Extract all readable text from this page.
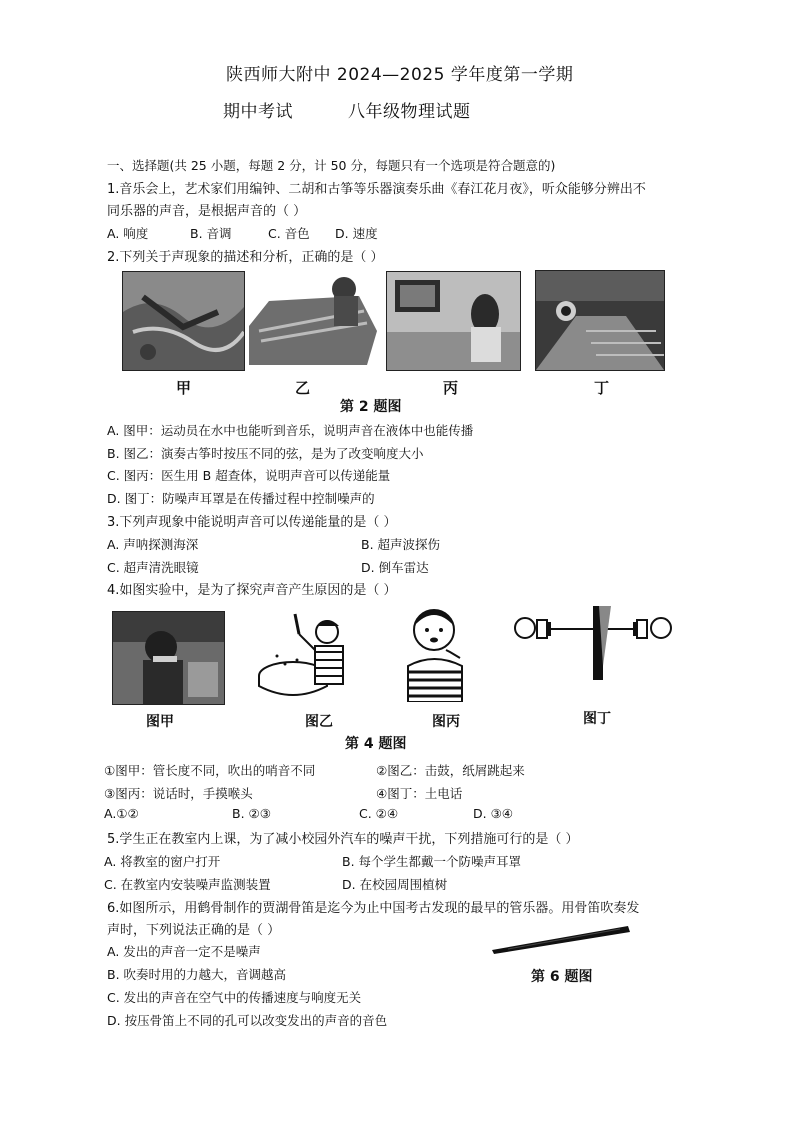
陕西师大附中 2024—2025 学年度第一学期
期中考试	八年级物理试题
一、选择题(共 25 小题，每题 2 分，计 50 分，每题只有一个选项是符合题意的)
1.音乐会上，艺术家们用编钟、二胡和古筝等乐器演奏乐曲《春江花月夜》，听众能够分辨出不
同乐器的声音，是根据声音的（ ）
A. 响度	B. 音调	C. 音色 D. 速度
2.下列关于声现象的描述和分析，正确的是（ ）
甲	乙	丙	丁
第 2 题图
A. 图甲：运动员在水中也能听到音乐，说明声音在液体中也能传播
B. 图乙：演奏古筝时按压不同的弦，是为了改变响度大小
C. 图丙：医生用 B 超查体，说明声音可以传递能量
D. 图丁：防噪声耳罩是在传播过程中控制噪声的
3.下列声现象中能说明声音可以传递能量的是（ ）
A. 声呐探测海深	B. 超声波探伤
C. 超声清洗眼镜	D. 倒车雷达
4.如图实验中，是为了探究声音产生原因的是（ ）
图甲	图乙	图丙	图丁
第 4 题图
①图甲：管长度不同，吹出的哨音不同	②图乙：击鼓，纸屑跳起来
③图丙：说话时，手摸喉头	④图丁：土电话
A.①②	B. ②③	C. ②④	D. ③④
5.学生正在教室内上课，为了减小校园外汽车的噪声干扰，下列措施可行的是（ ）
A. 将教室的窗户打开	B. 每个学生都戴一个防噪声耳罩
C. 在教室内安装噪声监测装置	D. 在校园周围植树
6.如图所示，用鹤骨制作的贾湖骨笛是迄今为止中国考古发现的最早的管乐器。用骨笛吹奏发
声时，下列说法正确的是（ ）
第 6 题图
A. 发出的声音一定不是噪声
B. 吹奏时用的力越大，音调越高
C. 发出的声音在空气中的传播速度与响度无关
D. 按压骨笛上不同的孔可以改变发出的声音的音色
